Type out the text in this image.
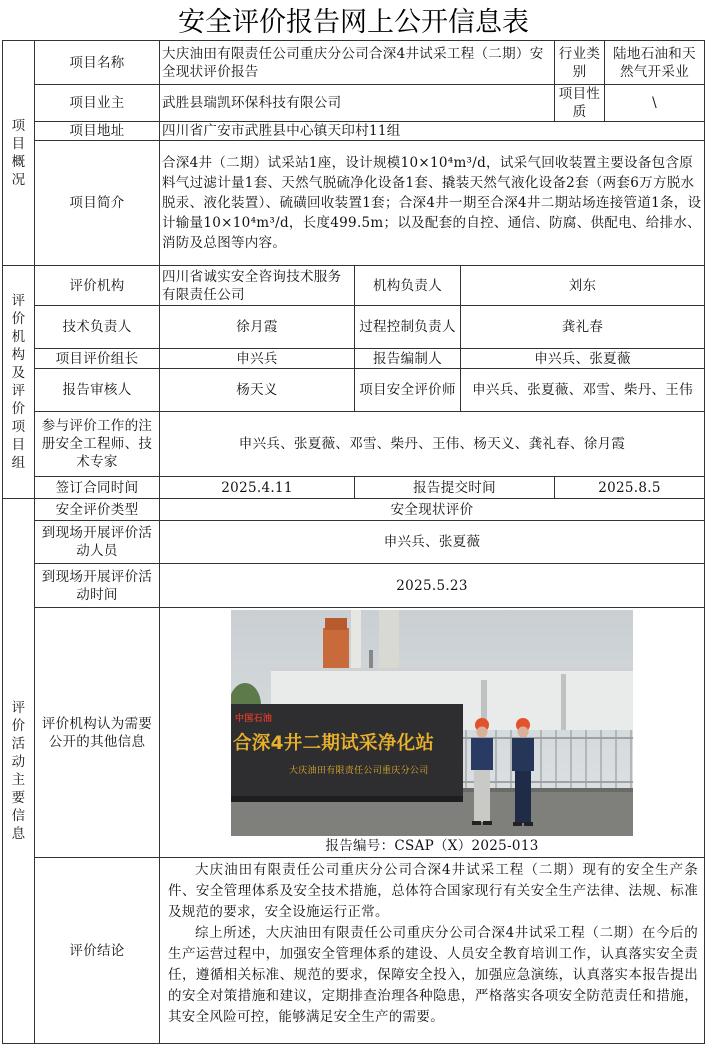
安全评价报告网上公开信息表
项目概况	项目名称	大庆油田有限责任公司重庆分公司合深4井试采工程（二期）安全现状评价报告			行业类别	陆地石油和天然气开采业
	项目业主	武胜县瑞凯环保科技有限公司			项目性质	\
	项目地址	四川省广安市武胜县中心镇天印村11组				
	项目简介	合深4井（二期）试采站1座，设计规模10×10⁴m³/d，试采气回收装置主要设备包含原料气过滤计量1套、天然气脱硫净化设备1套、撬装天然气液化设备2套（两套6万方脱水脱汞、液化装置）、硫磺回收装置1套；合深4井一期至合深4井二期站场连接管道1条，设计输量10×10⁴m³/d，长度499.5m；以及配套的自控、通信、防腐、供配电、给排水、消防及总图等内容。				
评价机构及评价项目组	评价机构	四川省诚实安全咨询技术服务有限责任公司	机构负责人	刘东		
	技术负责人	徐月霞	过程控制负责人	龚礼春		
	项目评价组长	申兴兵	报告编制人	申兴兵、张夏薇		
	报告审核人	杨天义	项目安全评价师	申兴兵、张夏薇、邓雪、柴丹、王伟		
	参与评价工作的注册安全工程师、技术专家	申兴兵、张夏薇、邓雪、柴丹、王伟、杨天义、龚礼春、徐月霞				
	签订合同时间	2025.4.11	报告提交时间		2025.8.5	
评价活动主要信息	安全评价类型	安全现状评价				
	到现场开展评价活动人员	申兴兵、张夏薇				
	到现场开展评价活动时间	2025.5.23				
	评价机构认为需要公开的其他信息	中国石油
合深4井二期试采净化站
大庆油田有限责任公司重庆分公司
报告编号：CSAP（X）2025-013				

	评价结论	大庆油田有限责任公司重庆分公司合深4井试采工程（二期）现有的安全生产条件、安全管理体系及安全技术措施，总体符合国家现行有关安全生产法律、法规、标准及规范的要求，安全设施运行正常。

综上所述，大庆油田有限责任公司重庆分公司合深4井试采工程（二期）在今后的生产运营过程中，加强安全管理体系的建设、人员安全教育培训工作，认真落实安全责任，遵循相关标准、规范的要求，保障安全投入，加强应急演练，认真落实本报告提出的安全对策措施和建议，定期排查治理各种隐患，严格落实各项安全防范责任和措施，其安全风险可控，能够满足安全生产的需要。				
